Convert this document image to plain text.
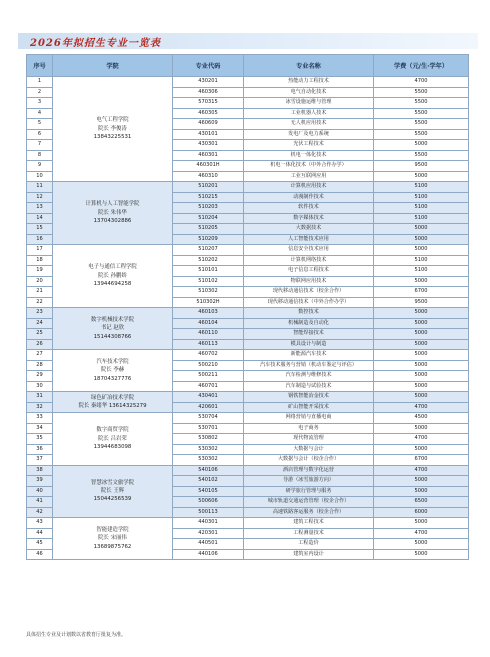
2026年拟招生专业一览表
序号	学院	专业代码	专业名称	学费（元/生·学年）
1	电气工程学院
院长 李俊涛
13843225531	430201	热能动力工程技术	4700
2		460306	电气自动化技术	5500
3		570315	冰雪设施运维与管理	5500
4		460305	工业机器人技术	5500
5		460609	无人机应用技术	5500
6		430101	发电厂及电力系统	5500
7		430301	光伏工程技术	5000
8		460301	机电一体化技术	5500
9		460301H	机电一体化技术（中外合作办学）	9500
10		460310	工业互联网应用	5000
11	计算机与人工智能学院
院长 朱伟华
13704302886	510201	计算机应用技术	5100
12		510215	动漫制作技术	5100
13		510203	软件技术	5100
14		510204	数字媒体技术	5100
15		510205	大数据技术	5000
16		510209	人工智能技术应用	5000
17	电子与通信工程学院
院长 孙鹏娇
13944694258	510207	信息安全技术应用	5000
18		510202	计算机网络技术	5100
19		510101	电子信息工程技术	5100
20		510102	物联网应用技术	5000
21		510302	现代移动通信技术（校企合作）	6700
22		510302H	现代移动通信技术（中外合作办学）	9500
23	数字机械技术学院
书记 赵欣
15144308766	460103	数控技术	5000
24		460104	机械制造及自动化	5000
25		460110	智能焊接技术	5000
26		460113	模具设计与制造	5000
27	汽车技术学院
院长 李赫
18704327776	460702	新能源汽车技术	5000
28		500210	汽车技术服务与营销（机动车鉴定与评估）	5000
29		500211	汽车检测与维修技术	5000
30		460701	汽车制造与试验技术	5000
31	绿色矿冶技术学院
院长 秦绪华 13614325279	430401	钢铁智能冶金技术	5000
32		420601	矿山智能开采技术	4700
33	数字商贸学院
院长 吕岩荣
13944683098	530704	网络营销与直播电商	4500
34		530701	电子商务	5000
35		530802	现代物流管理	4700
36		530302	大数据与会计	5000
37		530302	大数据与会计（校企合作）	6700
38	智慧冰雪文旅学院
院长 王辉
15044256539	540106	酒店管理与数字化运营	4700
39		540102	导游（冰雪旅游方向）	5000
40		540105	研学旅行管理与服务	5000
41		500606	城市轨道交通运营管理（校企合作）	6500
42		500113	高速铁路客运服务（校企合作）	6000
43	智能建造学院
院长 宋丽伟
13689875762	440301	建筑工程技术	5000
44		420301	工程测量技术	4700
45		440501	工程造价	5000
46		440106	建筑室内设计	5000
具体招生专业及计划数以省教育厅批复为准。
